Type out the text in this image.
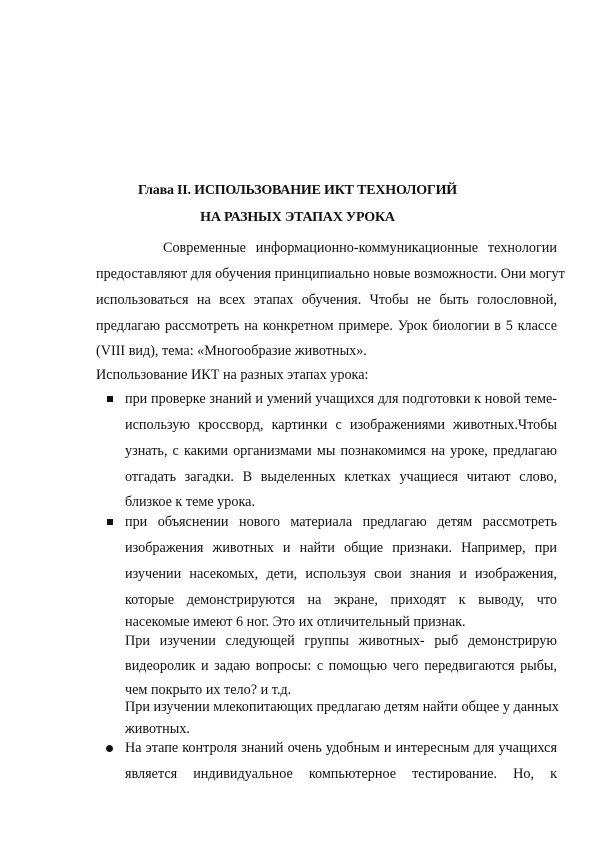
Глава II. ИСПОЛЬЗОВАНИЕ ИКТ ТЕХНОЛОГИЙ
НА РАЗНЫХ ЭТАПАХ УРОКА
Современные информационно-коммуникационные технологии
предоставляют для обучения принципиально новые возможности. Они могут
использоваться на всех этапах обучения. Чтобы не быть голословной,
предлагаю рассмотреть на конкретном примере. Урок биологии в 5 классе
(VIII вид), тема: «Многообразие животных».
Использование ИКТ на разных этапах урока:
при проверке знаний и умений учащихся для подготовки к новой теме-
использую кроссворд, картинки с изображениями животных.Чтобы
узнать, с какими организмами мы познакомимся на уроке, предлагаю
отгадать загадки. В выделенных клетках учащиеся читают слово,
близкое к теме урока.
при объяснении нового материала предлагаю детям рассмотреть
изображения животных и найти общие признаки. Например, при
изучении насекомых, дети, используя свои знания и изображения,
которые демонстрируются на экране, приходят к выводу, что
насекомые имеют 6 ног. Это их отличительный признак.
При изучении следующей группы животных- рыб демонстрирую
видеоролик и задаю вопросы: с помощью чего передвигаются рыбы,
чем покрыто их тело? и т.д.
При изучении млекопитающих предлагаю детям найти общее у данных
животных.
На этапе контроля знаний очень удобным и интересным для учащихся
является индивидуальное компьютерное тестирование. Но, к
